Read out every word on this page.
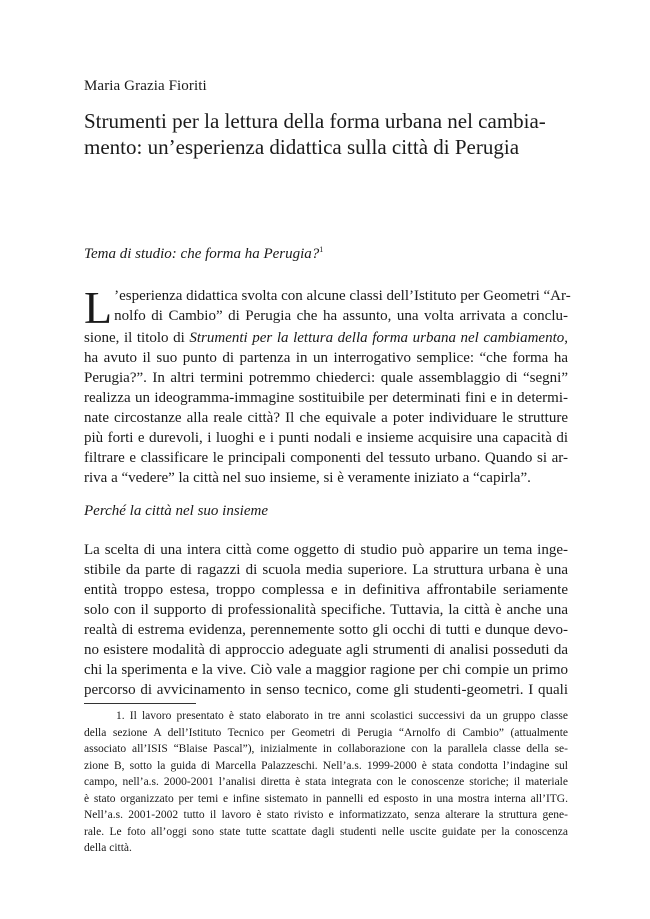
Maria Grazia Fioriti
Strumenti per la lettura della forma urbana nel cambia-
mento: un’esperienza didattica sulla città di Perugia
Tema di studio: che forma ha Perugia?$^1$
L ’esperienza didattica svolta con alcune classi dell’Istituto per Geometri “Ar-
nolfo di Cambio” di Perugia che ha assunto, una volta arrivata a conclu-
sione, il titolo di Strumenti per la lettura della forma urbana nel cambiamento,
ha avuto il suo punto di partenza in un interrogativo semplice: “che forma ha
Perugia?”. In altri termini potremmo chiederci: quale assemblaggio di “segni”
realizza un ideogramma-immagine sostituibile per determinati fini e in determi-
nate circostanze alla reale città? Il che equivale a poter individuare le strutture
più forti e durevoli, i luoghi e i punti nodali e insieme acquisire una capacità di
filtrare e classificare le principali componenti del tessuto urbano. Quando si ar-
riva a “vedere” la città nel suo insieme, si è veramente iniziato a “capirla”.
Perché la città nel suo insieme
La scelta di una intera città come oggetto di studio può apparire un tema inge-
stibile da parte di ragazzi di scuola media superiore. La struttura urbana è una
entità troppo estesa, troppo complessa e in definitiva affrontabile seriamente
solo con il supporto di professionalità specifiche. Tuttavia, la città è anche una
realtà di estrema evidenza, perennemente sotto gli occhi di tutti e dunque devo-
no esistere modalità di approccio adeguate agli strumenti di analisi posseduti da
chi la sperimenta e la vive. Ciò vale a maggior ragione per chi compie un primo
percorso di avvicinamento in senso tecnico, come gli studenti-geometri. I quali
1. Il lavoro presentato è stato elaborato in tre anni scolastici successivi da un gruppo classe
della sezione A dell’Istituto Tecnico per Geometri di Perugia “Arnolfo di Cambio” (attualmente
associato all’ISIS “Blaise Pascal”), inizialmente in collaborazione con la parallela classe della se-
zione B, sotto la guida di Marcella Palazzeschi. Nell’a.s. 1999-2000 è stata condotta l’indagine sul
campo, nell’a.s. 2000-2001 l’analisi diretta è stata integrata con le conoscenze storiche; il materiale
è stato organizzato per temi e infine sistemato in pannelli ed esposto in una mostra interna all’ITG.
Nell’a.s. 2001-2002 tutto il lavoro è stato rivisto e informatizzato, senza alterare la struttura gene-
rale. Le foto all’oggi sono state tutte scattate dagli studenti nelle uscite guidate per la conoscenza
della città.
